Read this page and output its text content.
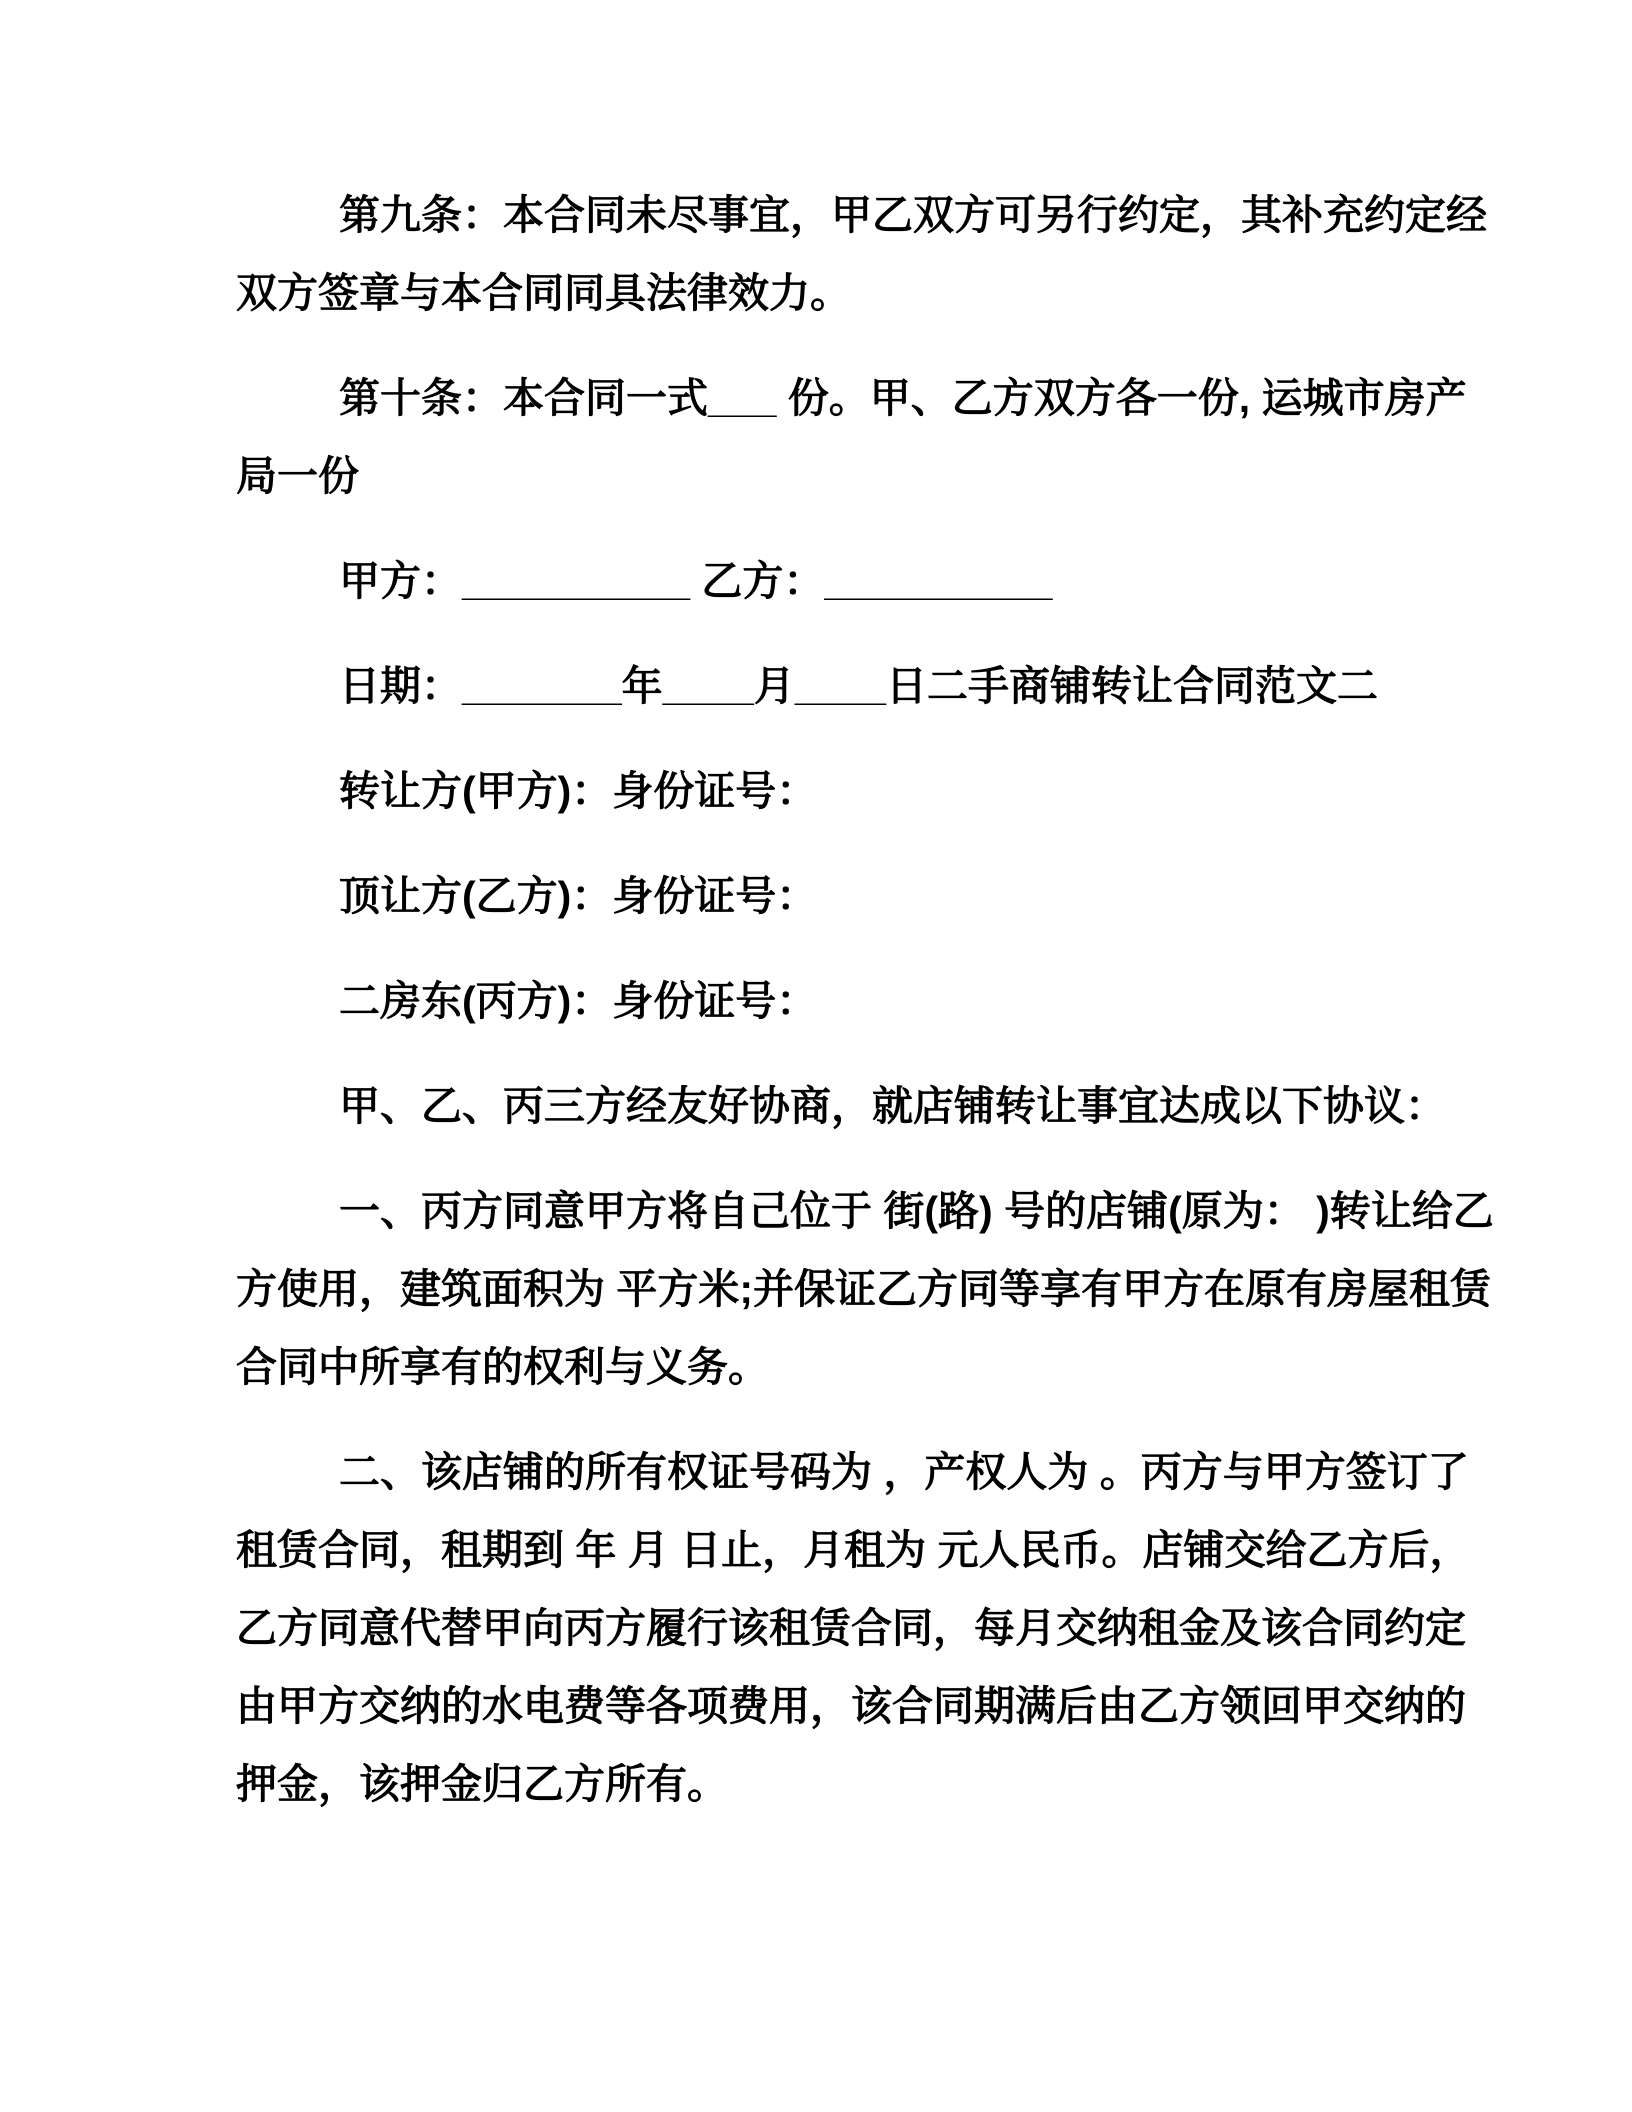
第九条：本合同未尽事宜，甲乙双方可另行约定，其补充约定经
双方签章与本合同同具法律效力。
第十条：本合同一式___ 份。甲、乙方双方各一份, 运城市房产
局一份
甲方：__________ 乙方：__________
日期：_______年____月____日二手商铺转让合同范文二
转让方(甲方)：身份证号：
顶让方(乙方)：身份证号：
二房东(丙方)：身份证号：
甲、乙、丙三方经友好协商，就店铺转让事宜达成以下协议：
一、丙方同意甲方将自己位于 街(路) 号的店铺(原为： )转让给乙
方使用，建筑面积为 平方米;并保证乙方同等享有甲方在原有房屋租赁
合同中所享有的权利与义务。
二、该店铺的所有权证号码为 ，产权人为 。丙方与甲方签订了
租赁合同，租期到 年 月 日止，月租为 元人民币。店铺交给乙方后，
乙方同意代替甲向丙方履行该租赁合同，每月交纳租金及该合同约定
由甲方交纳的水电费等各项费用，该合同期满后由乙方领回甲交纳的
押金，该押金归乙方所有。
